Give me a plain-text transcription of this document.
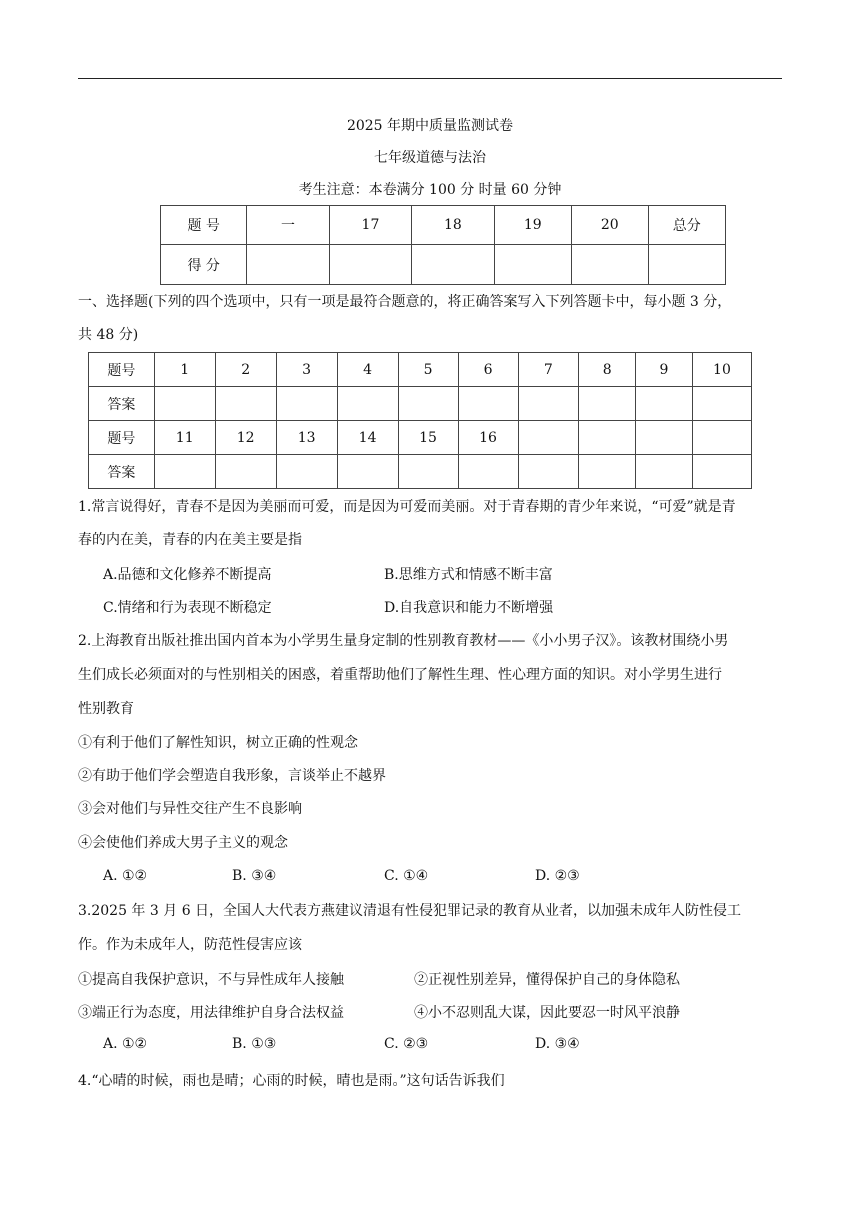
2025 年期中质量监测试卷
七年级道德与法治
考生注意：本卷满分 100 分 时量 60 分钟
题 号	一	17	18	19	20	总分
得 分						
一、选择题(下列的四个选项中，只有一项是最符合题意的，将正确答案写入下列答题卡中，每小题 3 分，
共 48 分)
题号	1	2	3	4	5	6	7	8	9	10
答案										
题号	11	12	13	14	15	16				
答案										
1.常言说得好，青春不是因为美丽而可爱，而是因为可爱而美丽。对于青春期的青少年来说，“可爱”就是青
春的内在美，青春的内在美主要是指
A.品德和文化修养不断提高	B.思维方式和情感不断丰富
C.情绪和行为表现不断稳定	D.自我意识和能力不断增强
2.上海教育出版社推出国内首本为小学男生量身定制的性别教育教材——《小小男子汉》。该教材围绕小男
生们成长必须面对的与性别相关的困惑，着重帮助他们了解性生理、性心理方面的知识。对小学男生进行
性别教育
①有利于他们了解性知识，树立正确的性观念
②有助于他们学会塑造自我形象，言谈举止不越界
③会对他们与异性交往产生不良影响
④会使他们养成大男子主义的观念
A. ①②	B. ③④	C. ①④	D. ②③
3.2025 年 3 月 6 日，全国人大代表方燕建议清退有性侵犯罪记录的教育从业者，以加强未成年人防性侵工
作。作为未成年人，防范性侵害应该
①提高自我保护意识，不与异性成年人接触	②正视性别差异，懂得保护自己的身体隐私
③端正行为态度，用法律维护自身合法权益	④小不忍则乱大谋，因此要忍一时风平浪静
A. ①②	B. ①③	C. ②③	D. ③④
4.“心晴的时候，雨也是晴；心雨的时候，晴也是雨。”这句话告诉我们
